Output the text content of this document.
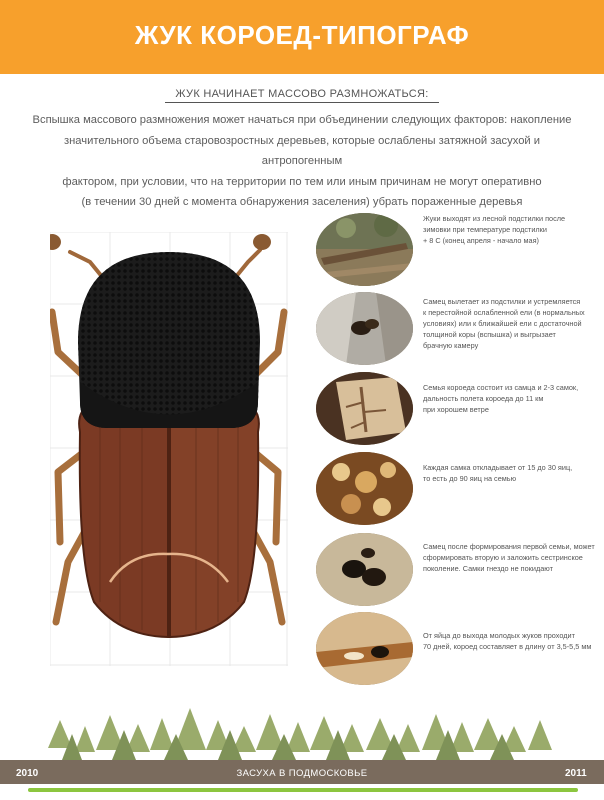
ЖУК КОРОЕД-ТИПОГРАФ
ЖУК НАЧИНАЕТ МАССОВО РАЗМНОЖАТЬСЯ:
Вспышка массового размножения может начаться при объединении следующих факторов: накопление
значительного объема старовозростных деревьев, которые ослаблены затяжной засухой и антропогенным
фактором, при условии, что на территории по тем или иным причинам не могут оперативно
(в течении 30 дней с момента обнаружения заселения) убрать пораженные деревья
Жуки выходят из лесной подстилки после
зимовки при температуре подстилки
+ 8 С (конец апреля - начало мая)
Самец вылетает из подстилки и устремляется
к перестойной ослабленной ели (в нормальных
условиях) или к ближайшей ели с достаточной
толщиной коры (вспышка) и выгрызает
брачную камеру
Семья короеда состоит из самца и 2-3 самок,
дальность полета короеда до 11 км
при хорошем ветре
Каждая самка откладывает от 15 до 30 яиц,
то есть до 90 яиц на семью
Самец после формирования первой семьи, может
сформировать вторую и заложить сестринское
поколение. Самки гнездо не покидают
От яйца до выхода молодых жуков проходит
70 дней, короед составляет в длину от 3,5-5,5 мм
2010	ЗАСУХА В ПОДМОСКОВЬЕ	2011
